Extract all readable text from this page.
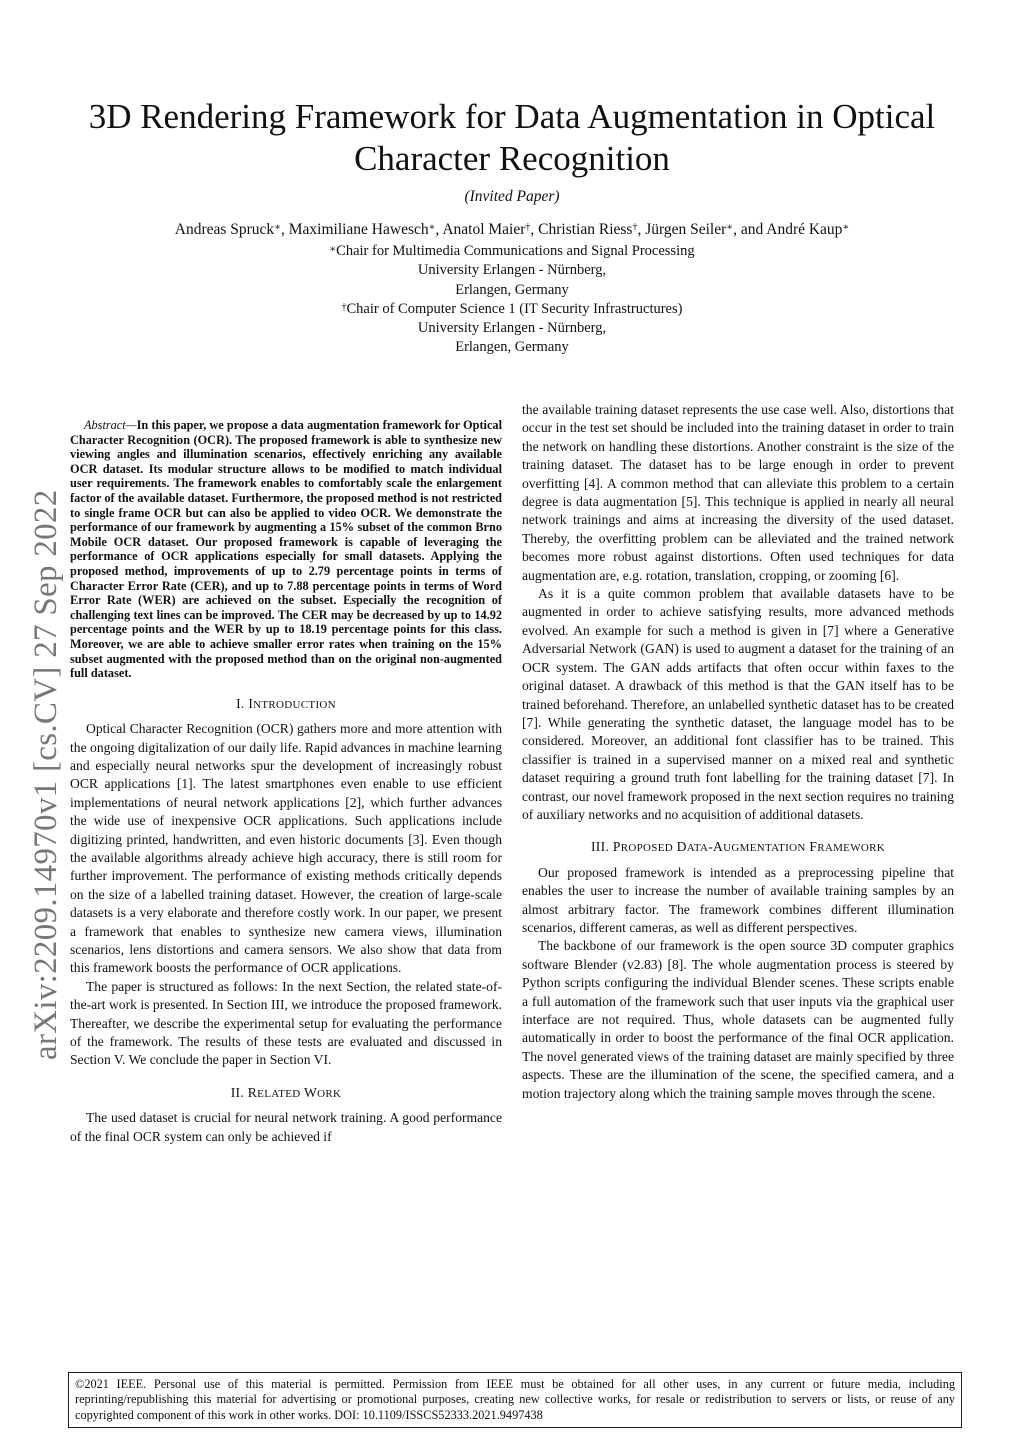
3D Rendering Framework for Data Augmentation in Optical Character Recognition
(Invited Paper)
Andreas Spruck∗, Maximiliane Hawesch∗, Anatol Maier†, Christian Riess†, Jürgen Seiler∗, and André Kaup∗
∗Chair for Multimedia Communications and Signal Processing
University Erlangen - Nürnberg,
Erlangen, Germany
†Chair of Computer Science 1 (IT Security Infrastructures)
University Erlangen - Nürnberg,
Erlangen, Germany
arXiv:2209.14970v1 [cs.CV] 27 Sep 2022
Abstract—In this paper, we propose a data augmentation framework for Optical Character Recognition (OCR). The proposed framework is able to synthesize new viewing angles and illumination scenarios, effectively enriching any available OCR dataset. Its modular structure allows to be modified to match individual user requirements. The framework enables to comfortably scale the enlargement factor of the available dataset. Furthermore, the proposed method is not restricted to single frame OCR but can also be applied to video OCR. We demonstrate the performance of our framework by augmenting a 15% subset of the common Brno Mobile OCR dataset. Our proposed framework is capable of leveraging the performance of OCR applications especially for small datasets. Applying the proposed method, improvements of up to 2.79 percentage points in terms of Character Error Rate (CER), and up to 7.88 percentage points in terms of Word Error Rate (WER) are achieved on the subset. Especially the recognition of challenging text lines can be improved. The CER may be decreased by up to 14.92 percentage points and the WER by up to 18.19 percentage points for this class. Moreover, we are able to achieve smaller error rates when training on the 15% subset augmented with the proposed method than on the original non-augmented full dataset.
I. INTRODUCTION

Optical Character Recognition (OCR) gathers more and more attention with the ongoing digitalization of our daily life. Rapid advances in machine learning and especially neural networks spur the development of increasingly robust OCR applications [1]. The latest smartphones even enable to use efficient implementations of neural network applications [2], which further advances the wide use of inexpensive OCR applications. Such applications include digitizing printed, handwritten, and even historic documents [3]. Even though the available algorithms already achieve high accuracy, there is still room for further improvement. The performance of existing methods critically depends on the size of a labelled training dataset. However, the creation of large-scale datasets is a very elaborate and therefore costly work. In our paper, we present a framework that enables to synthesize new camera views, illumination scenarios, lens distortions and camera sensors. We also show that data from this framework boosts the performance of OCR applications.

The paper is structured as follows: In the next Section, the related state-of-the-art work is presented. In Section III, we introduce the proposed framework. Thereafter, we describe the experimental setup for evaluating the performance of the framework. The results of these tests are evaluated and discussed in Section V. We conclude the paper in Section VI.

II. RELATED WORK

The used dataset is crucial for neural network training. A good performance of the final OCR system can only be achieved if

the available training dataset represents the use case well. Also, distortions that occur in the test set should be included into the training dataset in order to train the network on handling these distortions. Another constraint is the size of the training dataset. The dataset has to be large enough in order to prevent overfitting [4]. A common method that can alleviate this problem to a certain degree is data augmentation [5]. This technique is applied in nearly all neural network trainings and aims at increasing the diversity of the used dataset. Thereby, the overfitting problem can be alleviated and the trained network becomes more robust against distortions. Often used techniques for data augmentation are, e.g. rotation, translation, cropping, or zooming [6].

As it is a quite common problem that available datasets have to be augmented in order to achieve satisfying results, more advanced methods evolved. An example for such a method is given in [7] where a Generative Adversarial Network (GAN) is used to augment a dataset for the training of an OCR system. The GAN adds artifacts that often occur within faxes to the original dataset. A drawback of this method is that the GAN itself has to be trained beforehand. Therefore, an unlabelled synthetic dataset has to be created [7]. While generating the synthetic dataset, the language model has to be considered. Moreover, an additional font classifier has to be trained. This classifier is trained in a supervised manner on a mixed real and synthetic dataset requiring a ground truth font labelling for the training dataset [7]. In contrast, our novel framework proposed in the next section requires no training of auxiliary networks and no acquisition of additional datasets.

III. PROPOSED DATA-AUGMENTATION FRAMEWORK

Our proposed framework is intended as a preprocessing pipeline that enables the user to increase the number of available training samples by an almost arbitrary factor. The framework combines different illumination scenarios, different cameras, as well as different perspectives.

The backbone of our framework is the open source 3D computer graphics software Blender (v2.83) [8]. The whole augmentation process is steered by Python scripts configuring the individual Blender scenes. These scripts enable a full automation of the framework such that user inputs via the graphical user interface are not required. Thus, whole datasets can be augmented fully automatically in order to boost the performance of the final OCR application. The novel generated views of the training dataset are mainly specified by three aspects. These are the illumination of the scene, the specified camera, and a motion trajectory along which the training sample moves through the scene.

©2021 IEEE. Personal use of this material is permitted. Permission from IEEE must be obtained for all other uses, in any current or future media, including reprinting/republishing this material for advertising or promotional purposes, creating new collective works, for resale or redistribution to servers or lists, or reuse of any copyrighted component of this work in other works. DOI: 10.1109/ISSCS52333.2021.9497438
